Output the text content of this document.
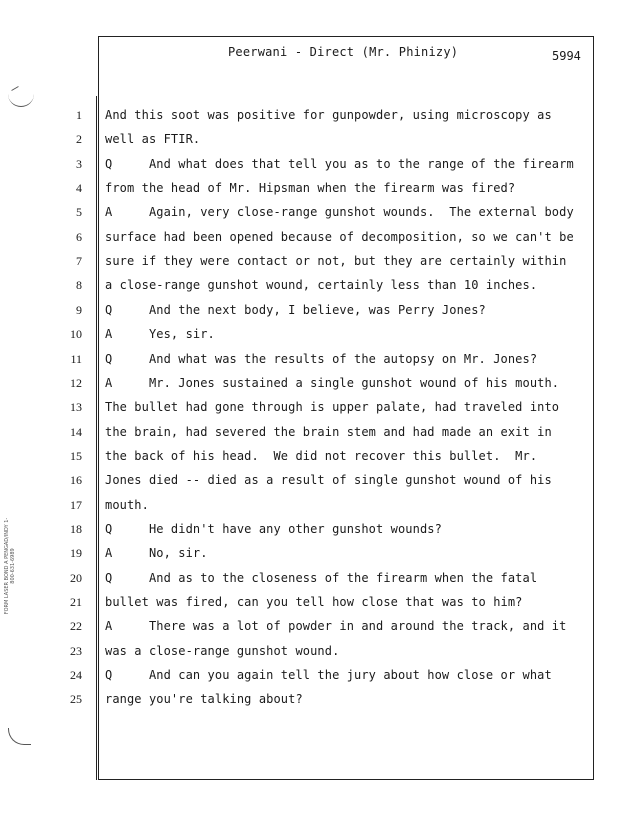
Peerwani - Direct (Mr. Phinizy)	5994
FORM LASER BOND A PENGAD/INDY 1-800-631-6989
1 And this soot was positive for gunpowder, using microscopy as
2 well as FTIR.
3 Q     And what does that tell you as to the range of the firearm
4 from the head of Mr. Hipsman when the firearm was fired?
5 A     Again, very close-range gunshot wounds.  The external body
6 surface had been opened because of decomposition, so we can't be
7 sure if they were contact or not, but they are certainly within
8 a close-range gunshot wound, certainly less than 10 inches.
9 Q     And the next body, I believe, was Perry Jones?
10 A     Yes, sir.
11 Q     And what was the results of the autopsy on Mr. Jones?
12 A     Mr. Jones sustained a single gunshot wound of his mouth.
13 The bullet had gone through is upper palate, had traveled into
14 the brain, had severed the brain stem and had made an exit in
15 the back of his head.  We did not recover this bullet.  Mr.
16 Jones died -- died as a result of single gunshot wound of his
17 mouth.
18 Q     He didn't have any other gunshot wounds?
19 A     No, sir.
20 Q     And as to the closeness of the firearm when the fatal
21 bullet was fired, can you tell how close that was to him?
22 A     There was a lot of powder in and around the track, and it
23 was a close-range gunshot wound.
24 Q     And can you again tell the jury about how close or what
25 range you're talking about?
